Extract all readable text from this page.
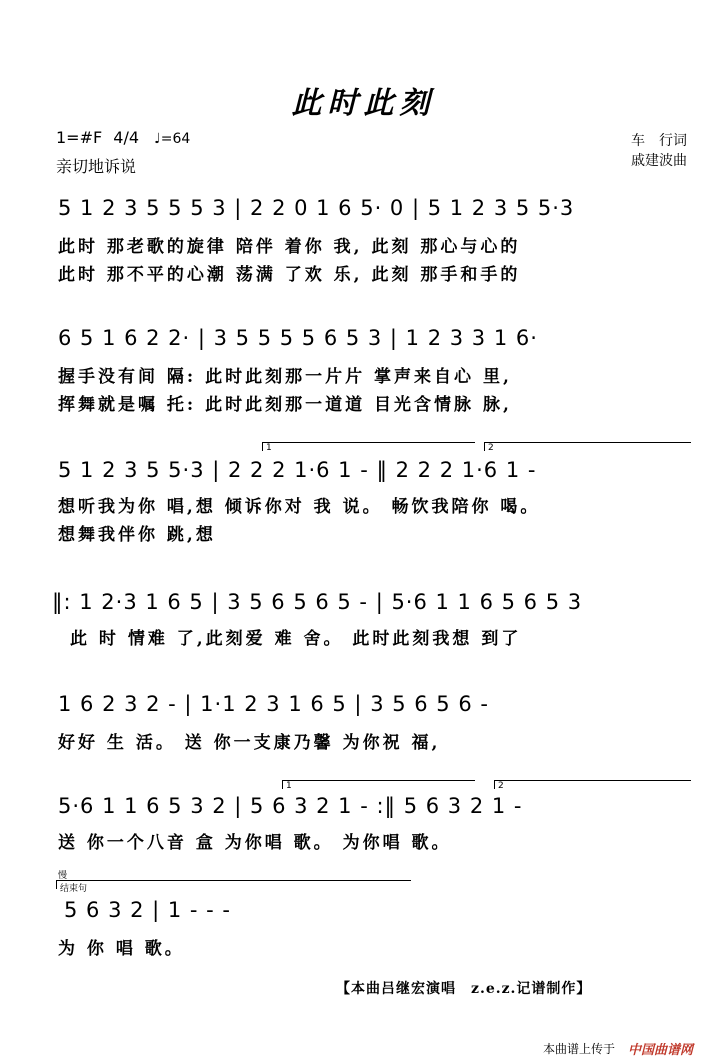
此时此刻
1=#F 4/4 ♩=64
亲切地诉说
车　行词
戚建波曲
5 1 2 3 5 5 5 3 | 2 2 0 1 6 5· 0 | 5 1 2 3 5 5·3
此时 那老歌的旋律 陪伴 着你 我, 此刻 那心与心的
此时 那不平的心潮 荡满 了欢 乐, 此刻 那手和手的
6 5 1 6 2 2· | 3 5 5 5 5 6 5 3 | 1 2 3 3 1 6·
握手没有间 隔: 此时此刻那一片片 掌声来自心 里,
挥舞就是嘱 托: 此时此刻那一道道 目光含情脉 脉,
1	2
5 1 2 3 5 5·3 | 2 2 2 1·6 1 - ‖ 2 2 2 1·6 1 -
想听我为你 唱,想 倾诉你对 我 说。 畅饮我陪你 喝。
想舞我伴你 跳,想
‖: 1 2·3 1 6 5 | 3 5 6 5 6 5 - | 5·6 1 1 6 5 6 5 3
此 时 情难 了,此刻爱 难 舍。 此时此刻我想 到了
1 6 2 3 2 - | 1·1 2 3 1 6 5 | 3 5 6 5 6 -
好好 生 活。 送 你一支康乃馨 为你祝 福,
1	2
5·6 1 1 6 5 3 2 | 5 6 3 2 1 - :‖ 5 6 3 2 1 -
送 你一个八音 盒 为你唱 歌。 为你唱 歌。
慢
结束句
5 6 3 2 | 1 - - -
为 你 唱 歌。
【本曲吕继宏演唱　z.e.z.记谱制作】
本曲谱上传于 中国曲谱网
